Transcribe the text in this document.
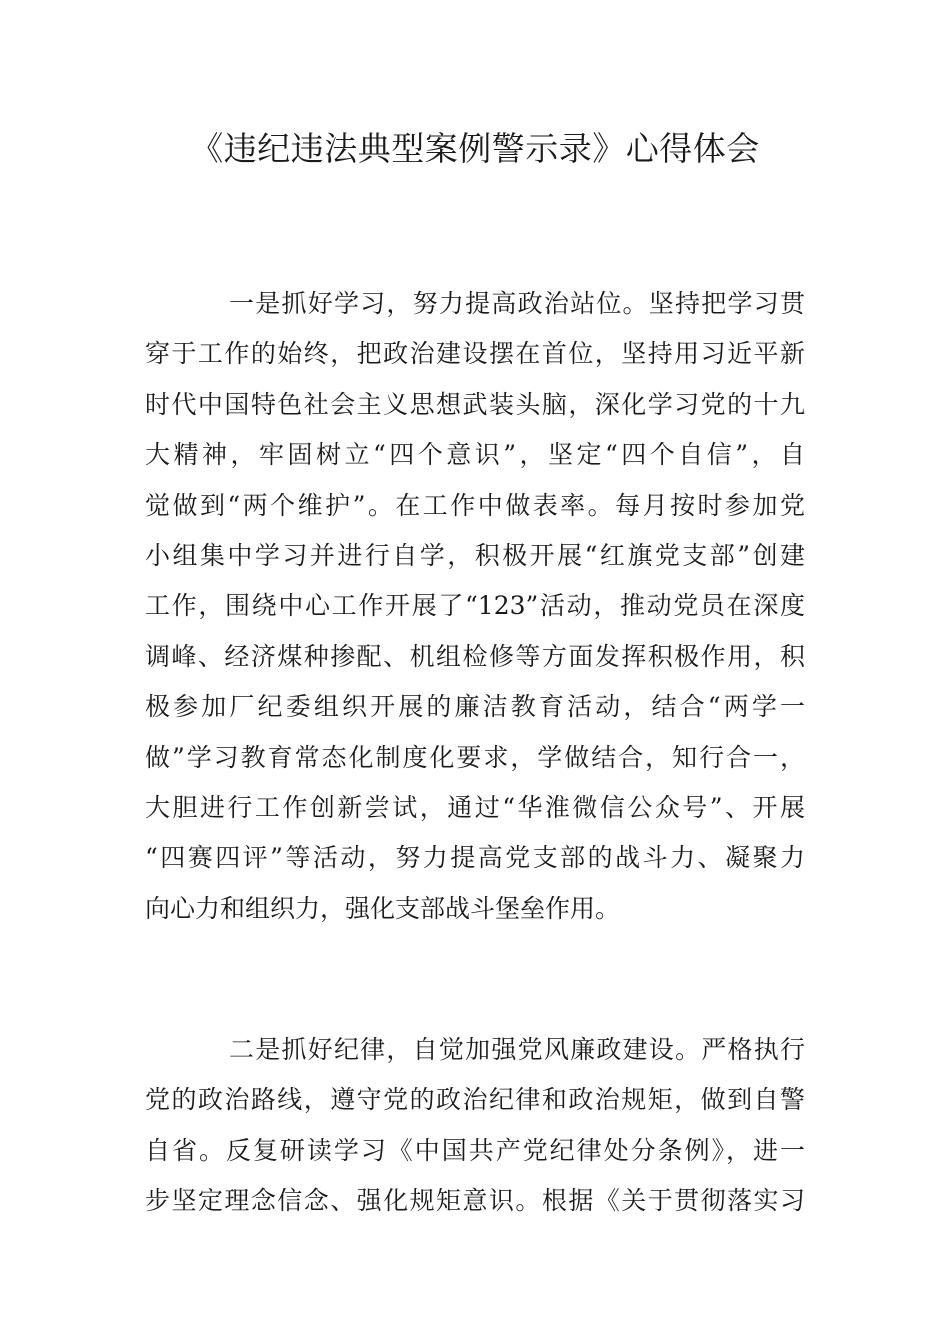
《违纪违法典型案例警示录》心得体会
一是抓好学习，努力提高政治站位。坚持把学习贯
穿于工作的始终，把政治建设摆在首位，坚持用习近平新
时代中国特色社会主义思想武装头脑，深化学习党的十九
大精神，牢固树立“四个意识”，坚定“四个自信”，自
觉做到“两个维护”。在工作中做表率。每月按时参加党
小组集中学习并进行自学，积极开展“红旗党支部”创建
工作，围绕中心工作开展了“123”活动，推动党员在深度
调峰、经济煤种掺配、机组检修等方面发挥积极作用，积
极参加厂纪委组织开展的廉洁教育活动，结合“两学一
做”学习教育常态化制度化要求，学做结合，知行合一，
大胆进行工作创新尝试，通过“华淮微信公众号”、开展
“四赛四评”等活动，努力提高党支部的战斗力、凝聚力
向心力和组织力，强化支部战斗堡垒作用。
二是抓好纪律，自觉加强党风廉政建设。严格执行
党的政治路线，遵守党的政治纪律和政治规矩，做到自警
自省。反复研读学习《中国共产党纪律处分条例》，进一
步坚定理念信念、强化规矩意识。根据《关于贯彻落实习
